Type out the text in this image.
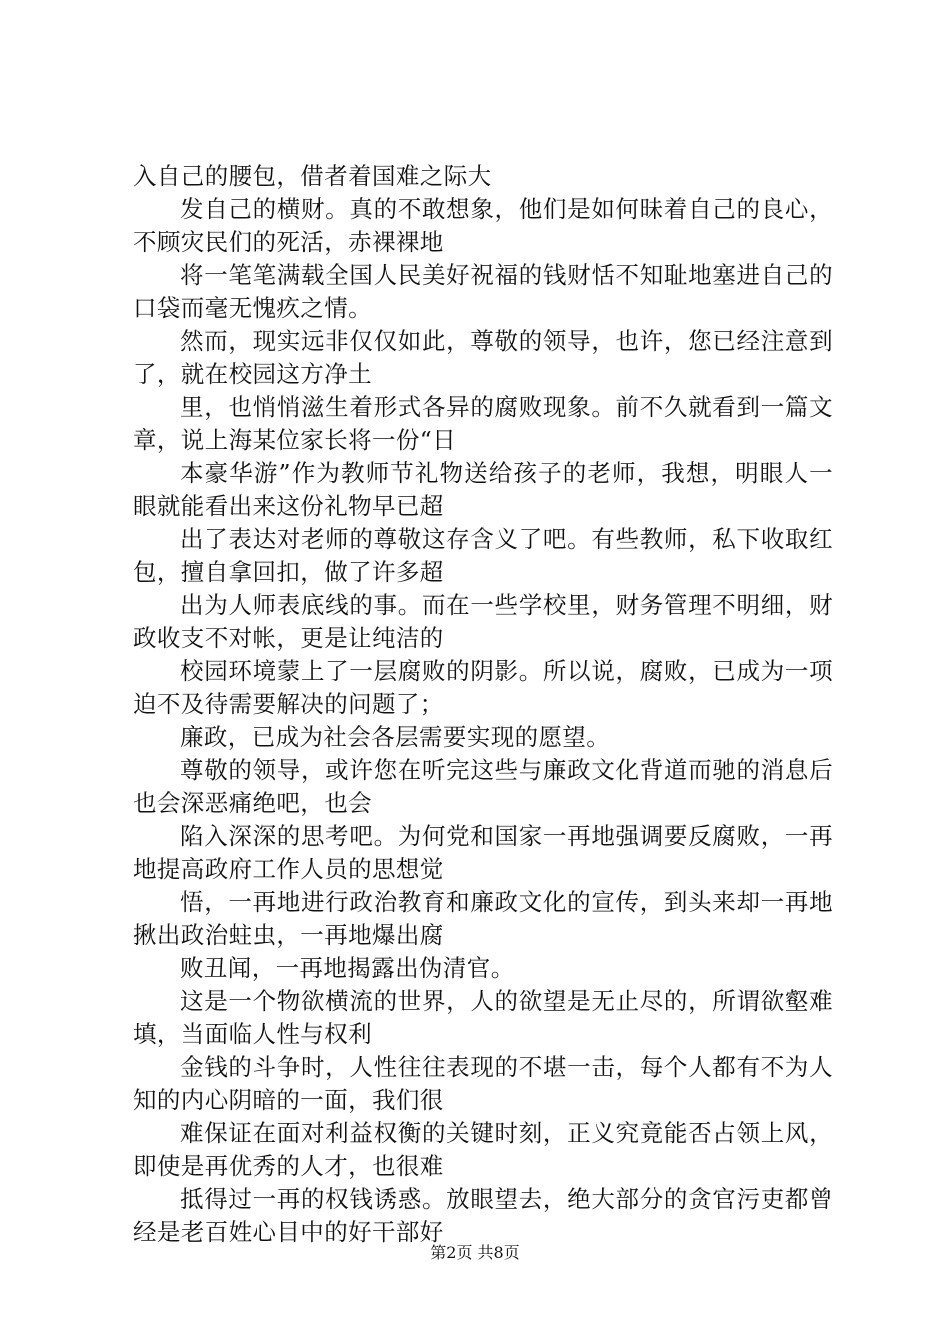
入自己的腰包，借者着国难之际大

发自己的横财。真的不敢想象，他们是如何昧着自己的良心，不顾灾民们的死活，赤裸裸地

将一笔笔满载全国人民美好祝福的钱财恬不知耻地塞进自己的口袋而毫无愧疚之情。

然而，现实远非仅仅如此，尊敬的领导，也许，您已经注意到了，就在校园这方净土

里，也悄悄滋生着形式各异的腐败现象。前不久就看到一篇文章，说上海某位家长将一份“日

本豪华游”作为教师节礼物送给孩子的老师，我想，明眼人一眼就能看出来这份礼物早已超

出了表达对老师的尊敬这存含义了吧。有些教师，私下收取红包，擅自拿回扣，做了许多超

出为人师表底线的事。而在一些学校里，财务管理不明细，财政收支不对帐，更是让纯洁的

校园环境蒙上了一层腐败的阴影。所以说，腐败，已成为一项迫不及待需要解决的问题了；

廉政，已成为社会各层需要实现的愿望。

尊敬的领导，或许您在听完这些与廉政文化背道而驰的消息后也会深恶痛绝吧，也会

陷入深深的思考吧。为何党和国家一再地强调要反腐败，一再地提高政府工作人员的思想觉

悟，一再地进行政治教育和廉政文化的宣传，到头来却一再地揪出政治蛀虫，一再地爆出腐

败丑闻，一再地揭露出伪清官。

这是一个物欲横流的世界，人的欲望是无止尽的，所谓欲壑难填，当面临人性与权利

金钱的斗争时，人性往往表现的不堪一击，每个人都有不为人知的内心阴暗的一面，我们很

难保证在面对利益权衡的关键时刻，正义究竟能否占领上风，即使是再优秀的人才，也很难

抵得过一再的权钱诱惑。放眼望去，绝大部分的贪官污吏都曾经是老百姓心目中的好干部好

第2页 共8页
